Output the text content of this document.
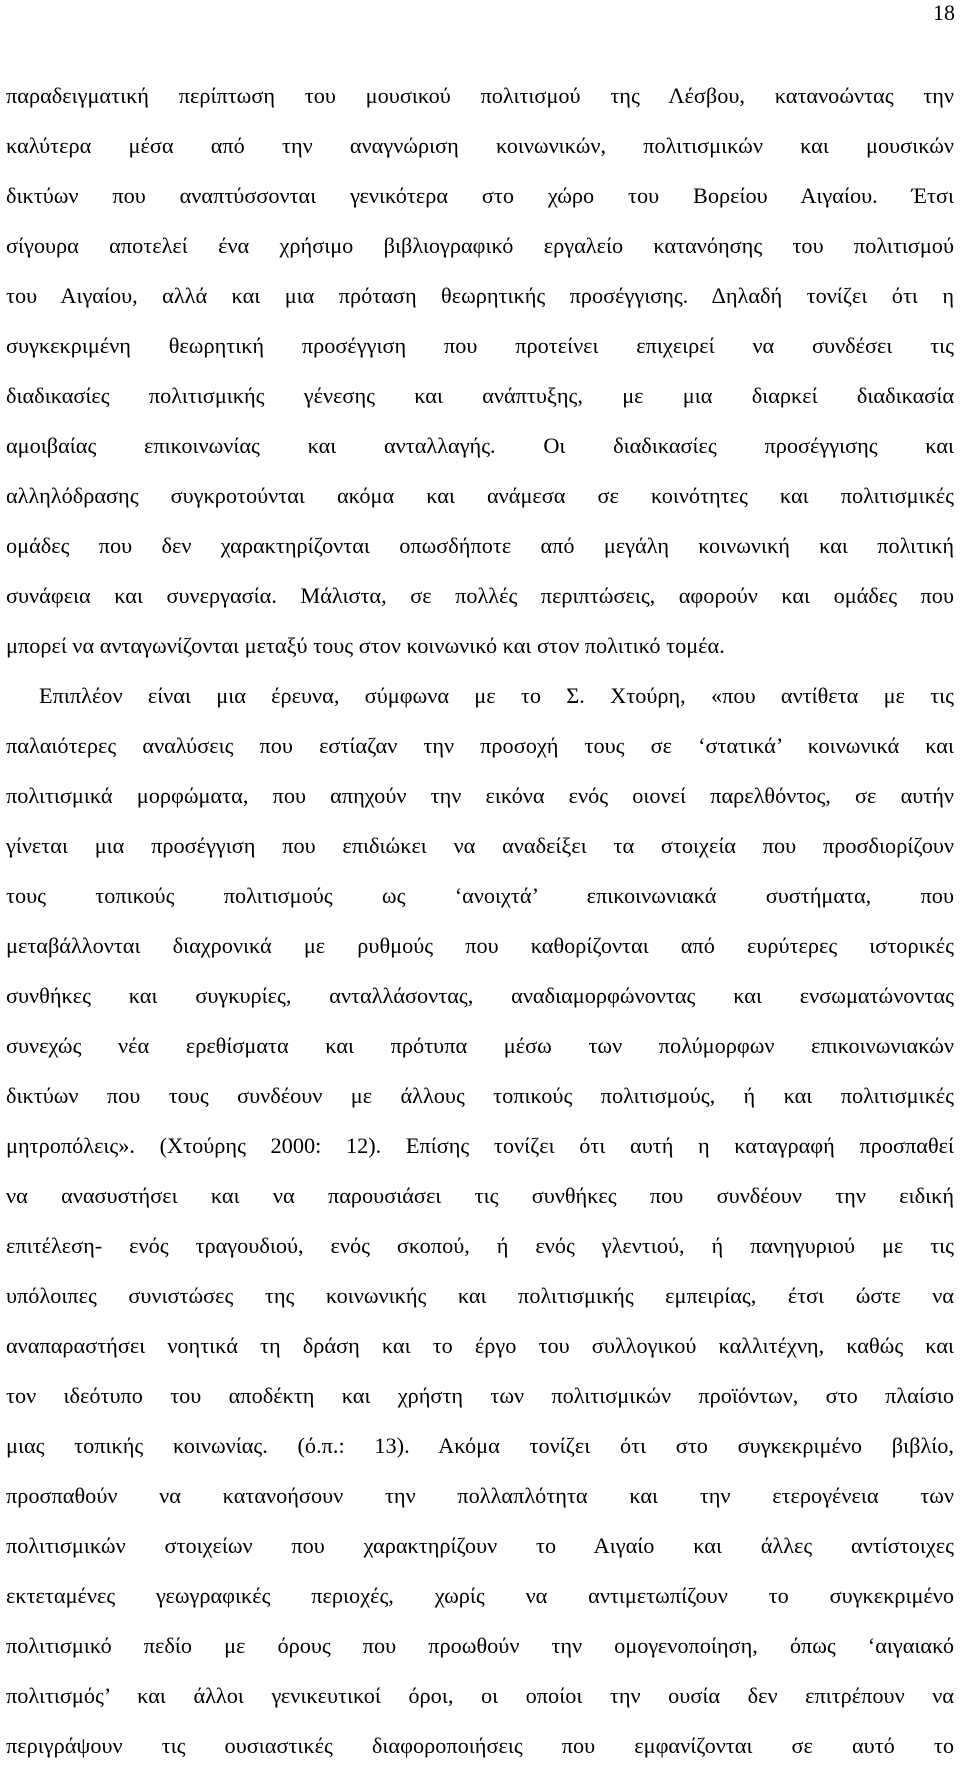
18
παραδειγματική περίπτωση του μουσικού πολιτισμού της Λέσβου, κατανοώντας την
καλύτερα μέσα από την αναγνώριση κοινωνικών, πολιτισμικών και μουσικών
δικτύων που αναπτύσσονται γενικότερα στο χώρο του Βορείου Αιγαίου. Έτσι
σίγουρα αποτελεί ένα χρήσιμο βιβλιογραφικό εργαλείο κατανόησης του πολιτισμού
του Αιγαίου, αλλά και μια πρόταση θεωρητικής προσέγγισης. Δηλαδή τονίζει ότι η
συγκεκριμένη θεωρητική προσέγγιση που προτείνει επιχειρεί να συνδέσει τις
διαδικασίες πολιτισμικής γένεσης και ανάπτυξης, με μια διαρκεί διαδικασία
αμοιβαίας επικοινωνίας και ανταλλαγής. Οι διαδικασίες προσέγγισης και
αλληλόδρασης συγκροτούνται ακόμα και ανάμεσα σε κοινότητες και πολιτισμικές
ομάδες που δεν χαρακτηρίζονται οπωσδήποτε από μεγάλη κοινωνική και πολιτική
συνάφεια και συνεργασία. Μάλιστα, σε πολλές περιπτώσεις, αφορούν και ομάδες που
μπορεί να ανταγωνίζονται μεταξύ τους στον κοινωνικό και στον πολιτικό τομέα.
Επιπλέον είναι μια έρευνα, σύμφωνα με το Σ. Χτούρη, «που αντίθετα με τις
παλαιότερες αναλύσεις που εστίαζαν την προσοχή τους σε ‘στατικά’ κοινωνικά και
πολιτισμικά μορφώματα, που απηχούν την εικόνα ενός οιονεί παρελθόντος, σε αυτήν
γίνεται μια προσέγγιση που επιδιώκει να αναδείξει τα στοιχεία που προσδιορίζουν
τους τοπικούς πολιτισμούς ως ‘ανοιχτά’ επικοινωνιακά συστήματα, που
μεταβάλλονται διαχρονικά με ρυθμούς που καθορίζονται από ευρύτερες ιστορικές
συνθήκες και συγκυρίες, ανταλλάσοντας, αναδιαμορφώνοντας και ενσωματώνοντας
συνεχώς νέα ερεθίσματα και πρότυπα μέσω των πολύμορφων επικοινωνιακών
δικτύων που τους συνδέουν με άλλους τοπικούς πολιτισμούς, ή και πολιτισμικές
μητροπόλεις». (Χτούρης 2000: 12). Επίσης τονίζει ότι αυτή η καταγραφή προσπαθεί
να ανασυστήσει και να παρουσιάσει τις συνθήκες που συνδέουν την ειδική
επιτέλεση- ενός τραγουδιού, ενός σκοπού, ή ενός γλεντιού, ή πανηγυριού με τις
υπόλοιπες συνιστώσες της κοινωνικής και πολιτισμικής εμπειρίας, έτσι ώστε να
αναπαραστήσει νοητικά τη δράση και το έργο του συλλογικού καλλιτέχνη, καθώς και
τον ιδεότυπο του αποδέκτη και χρήστη των πολιτισμικών προϊόντων, στο πλαίσιο
μιας τοπικής κοινωνίας. (ό.π.: 13). Ακόμα τονίζει ότι στο συγκεκριμένο βιβλίο,
προσπαθούν να κατανοήσουν την πολλαπλότητα και την ετερογένεια των
πολιτισμικών στοιχείων που χαρακτηρίζουν το Αιγαίο και άλλες αντίστοιχες
εκτεταμένες γεωγραφικές περιοχές, χωρίς να αντιμετωπίζουν το συγκεκριμένο
πολιτισμικό πεδίο με όρους που προωθούν την ομογενοποίηση, όπως ‘αιγαιακό
πολιτισμός’ και άλλοι γενικευτικοί όροι, οι οποίοι την ουσία δεν επιτρέπουν να
περιγράψουν τις ουσιαστικές διαφοροποιήσεις που εμφανίζονται σε αυτό το
